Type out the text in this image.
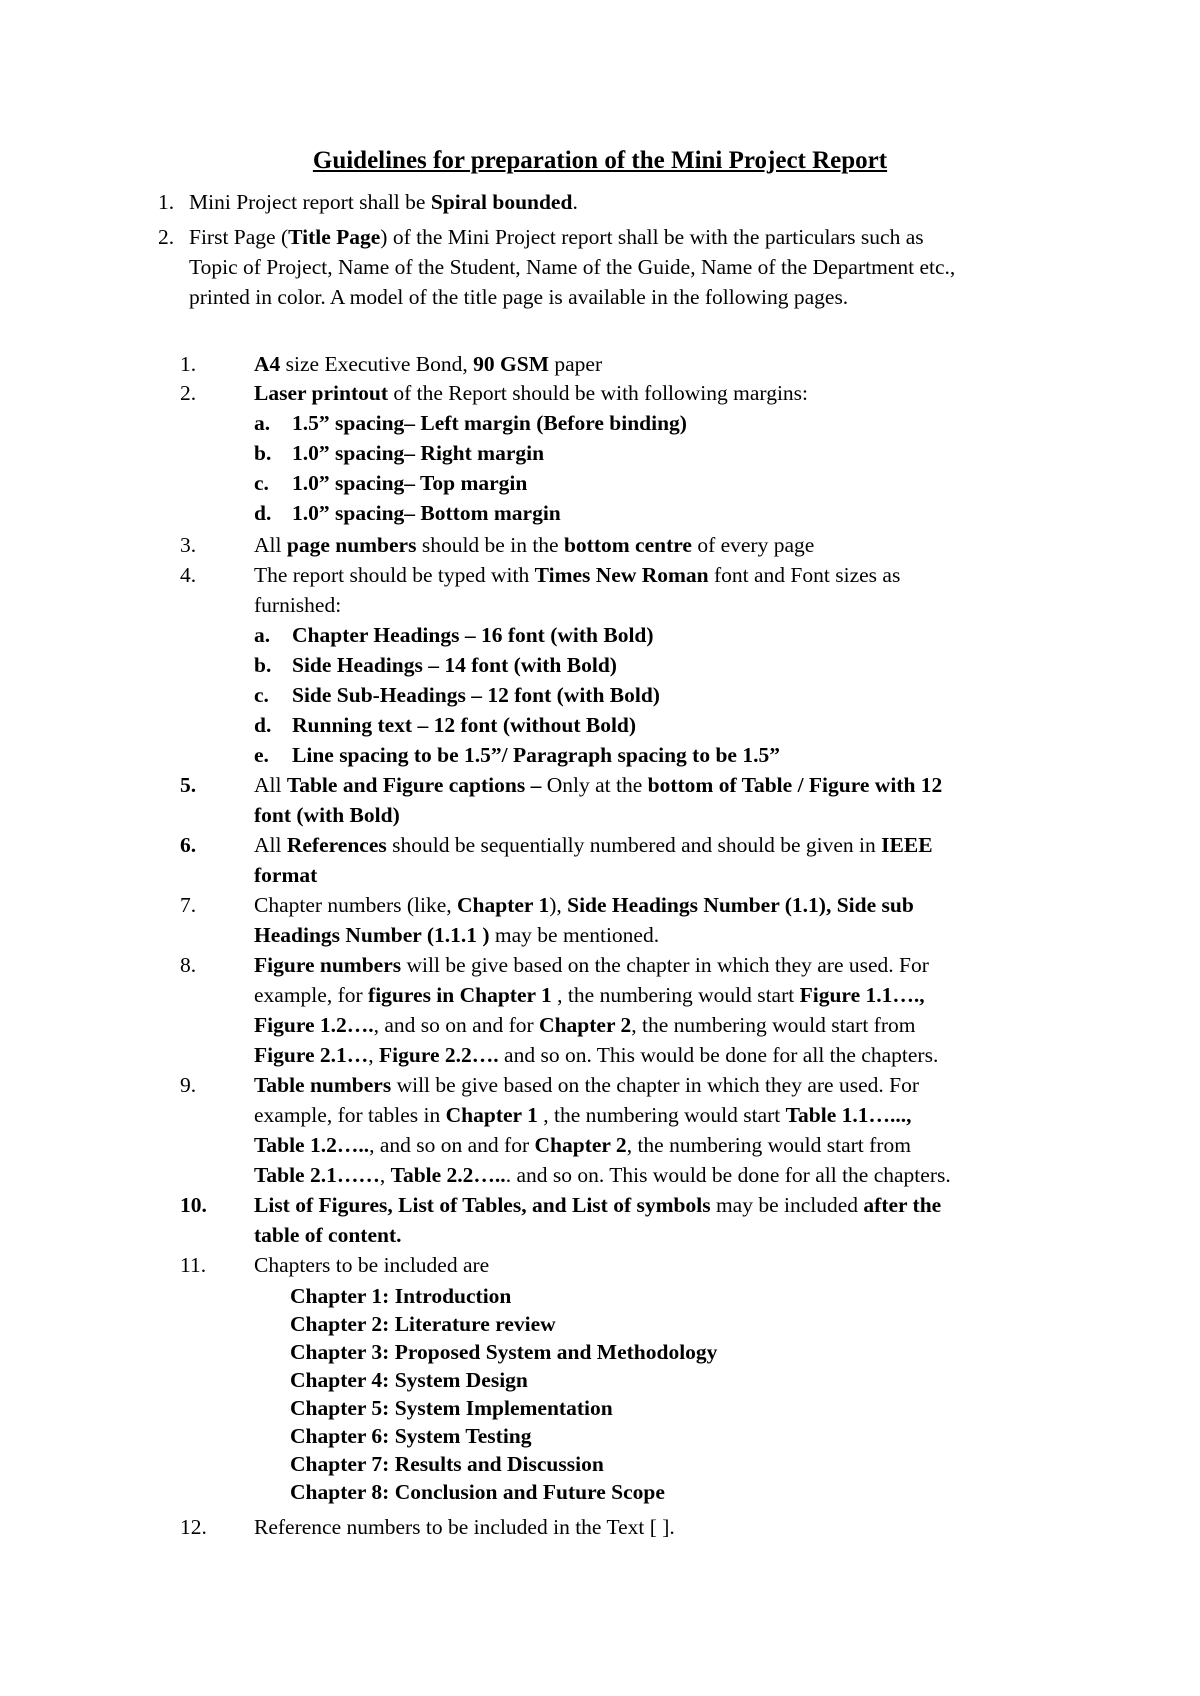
Guidelines for preparation of the Mini Project Report
1. Mini Project report shall be Spiral bounded.
2. First Page (Title Page) of the Mini Project report shall be with the particulars such as
Topic of Project, Name of the Student, Name of the Guide, Name of the Department etc.,
printed in color. A model of the title page is available in the following pages.
1.	A4 size Executive Bond, 90 GSM paper
2.	Laser printout of the Report should be with following margins:
3.	All page numbers should be in the bottom centre of every page
4.	The report should be typed with Times New Roman font and Font sizes as
furnished:
5.	All Table and Figure captions – Only at the bottom of Table / Figure with 12
font (with Bold)
6.	All References should be sequentially numbered and should be given in IEEE
format
7.	Chapter numbers (like, Chapter 1), Side Headings Number (1.1), Side sub
Headings Number (1.1.1 ) may be mentioned.
8.	Figure numbers will be give based on the chapter in which they are used. For
example, for figures in Chapter 1 , the numbering would start Figure 1.1….,
Figure 1.2…., and so on and for Chapter 2, the numbering would start from
Figure 2.1…, Figure 2.2…. and so on. This would be done for all the chapters.
9.	Table numbers will be give based on the chapter in which they are used. For
example, for tables in Chapter 1 , the numbering would start Table 1.1…...,
Table 1.2….., and so on and for Chapter 2, the numbering would start from
Table 2.1……, Table 2.2…... and so on. This would be done for all the chapters.
10. List of Figures, List of Tables, and List of symbols may be included after the
table of content.
11. Chapters to be included are
12. Reference numbers to be included in the Text [ ].
a. 1.5” spacing– Left margin (Before binding)
b. 1.0” spacing– Right margin
c. 1.0” spacing– Top margin
d. 1.0” spacing– Bottom margin
a. Chapter Headings – 16 font (with Bold)
b. Side Headings – 14 font (with Bold)
c. Side Sub-Headings – 12 font (with Bold)
d. Running text – 12 font (without Bold)
e. Line spacing to be 1.5”/ Paragraph spacing to be 1.5”
Chapter 1: Introduction
Chapter 2: Literature review
Chapter 3: Proposed System and Methodology
Chapter 4: System Design
Chapter 5: System Implementation
Chapter 6: System Testing
Chapter 7: Results and Discussion
Chapter 8: Conclusion and Future Scope
